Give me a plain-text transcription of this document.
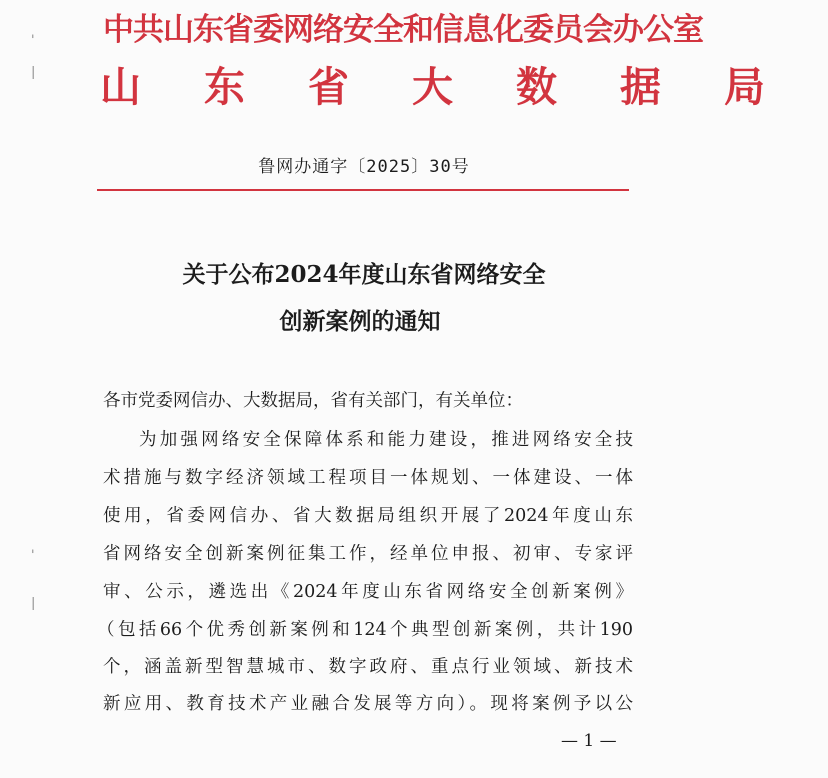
'
|
中共山东省委网络安全和信息化委员会办公室
山东省大数据局
鲁网办通字〔2025〕30号
关于公布2024年度山东省网络安全
创新案例的通知
各市党委网信办、大数据局，省有关部门，有关单位：
为加强网络安全保障体系和能力建设，推进网络安全技
术措施与数字经济领域工程项目一体规划、一体建设、一体
使用，省委网信办、省大数据局组织开展了2024年度山东
省网络安全创新案例征集工作，经单位申报、初审、专家评
审、公示，遴选出《2024年度山东省网络安全创新案例》
（包括66个优秀创新案例和124个典型创新案例，共计190
个，涵盖新型智慧城市、数字政府、重点行业领域、新技术
新应用、教育技术产业融合发展等方向）。现将案例予以公
— 1 —
'
|
